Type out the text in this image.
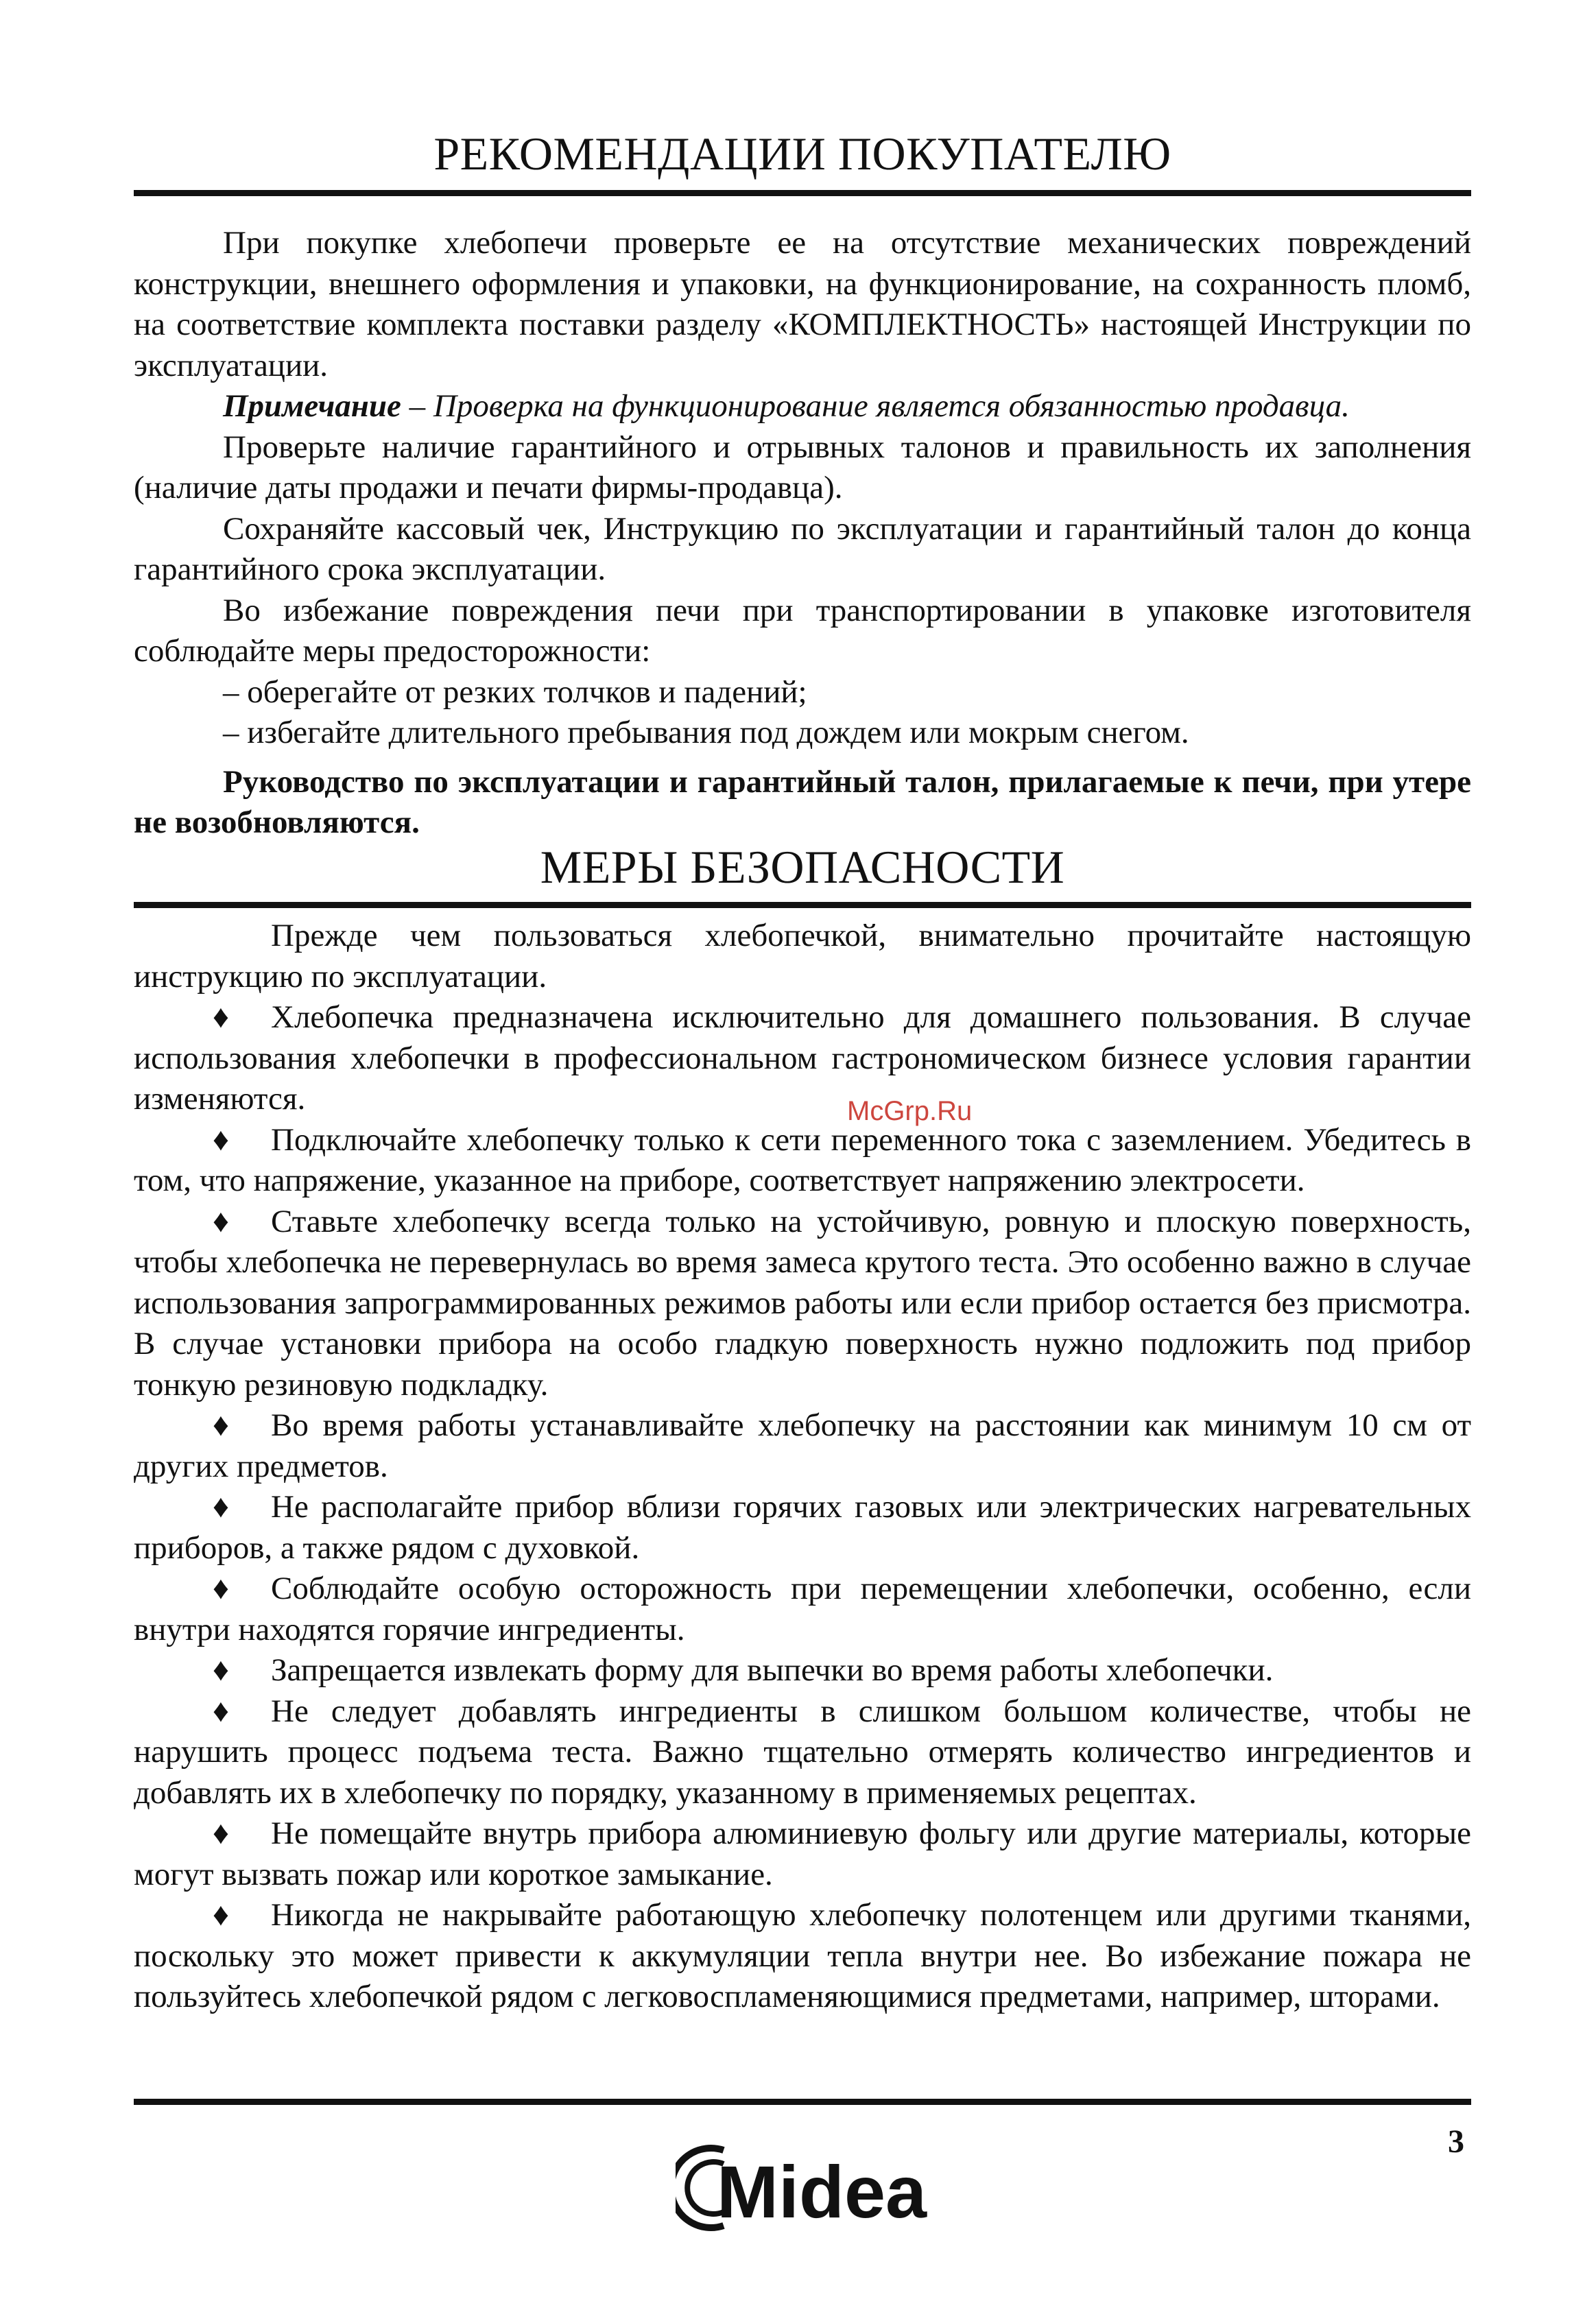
РЕКОМЕНДАЦИИ ПОКУПАТЕЛЮ

При покупке хлебопечи проверьте ее на отсутствие механических повреждений конструкции, внешнего оформления и упаковки, на функционирование, на сохранность пломб, на соответствие комплекта поставки разделу «КОМПЛЕКТНОСТЬ» настоящей Инструкции по эксплуатации.

Примечание – Проверка на функционирование является обязанностью продавца.

Проверьте наличие гарантийного и отрывных талонов и правильность их заполнения (наличие даты продажи и печати фирмы-продавца).

Сохраняйте кассовый чек, Инструкцию по эксплуатации и гарантийный талон до конца гарантийного срока эксплуатации.

Во избежание повреждения печи при транспортировании в упаковке изготовителя соблюдайте меры предосторожности:

– оберегайте от резких толчков и падений;

– избегайте длительного пребывания под дождем или мокрым снегом.

Руководство по эксплуатации и гарантийный талон, прилагаемые к печи, при утере не возобновляются.

МЕРЫ БЕЗОПАСНОСТИ

Прежде чем пользоваться хлебопечкой, внимательно прочитайте настоящую инструкцию по эксплуатации.

♦ Хлебопечка предназначена исключительно для домашнего пользования. В случае использования хлебопечки в профессиональном гастрономическом бизнесе условия гарантии изменяются.

♦ Подключайте хлебопечку только к сети переменного тока с заземлением. Убедитесь в том, что напряжение, указанное на приборе, соответствует напряжению электросети.

♦ Ставьте хлебопечку всегда только на устойчивую, ровную и плоскую поверхность, чтобы хлебопечка не перевернулась во время замеса крутого теста. Это особенно важно в случае использования запрограммированных режимов работы или если прибор остается без присмотра. В случае установки прибора на особо гладкую поверхность нужно подложить под прибор тонкую резиновую подкладку.

♦ Во время работы устанавливайте хлебопечку на расстоянии как минимум 10 см от других предметов.

♦ Не располагайте прибор вблизи горячих газовых или электрических нагревательных приборов, а также рядом с духовкой.

♦ Соблюдайте особую осторожность при перемещении хлебопечки, особенно, если внутри находятся горячие ингредиенты.

♦ Запрещается извлекать форму для выпечки во время работы хлебопечки.

♦ Не следует добавлять ингредиенты в слишком большом количестве, чтобы не нарушить процесс подъема теста. Важно тщательно отмерять количество ингредиентов и добавлять их в хлебопечку по порядку, указанному в применяемых рецептах.

♦ Не помещайте внутрь прибора алюминиевую фольгу или другие материалы, которые могут вызвать пожар или короткое замыкание.

♦ Никогда не накрывайте работающую хлебопечку полотенцем или другими тканями, поскольку это может привести к аккумуляции тепла внутри нее. Во избежание пожара не пользуйтесь хлебопечкой рядом с легковоспламеняющимися предметами, например, шторами.

McGrp.Ru
3
Midea
